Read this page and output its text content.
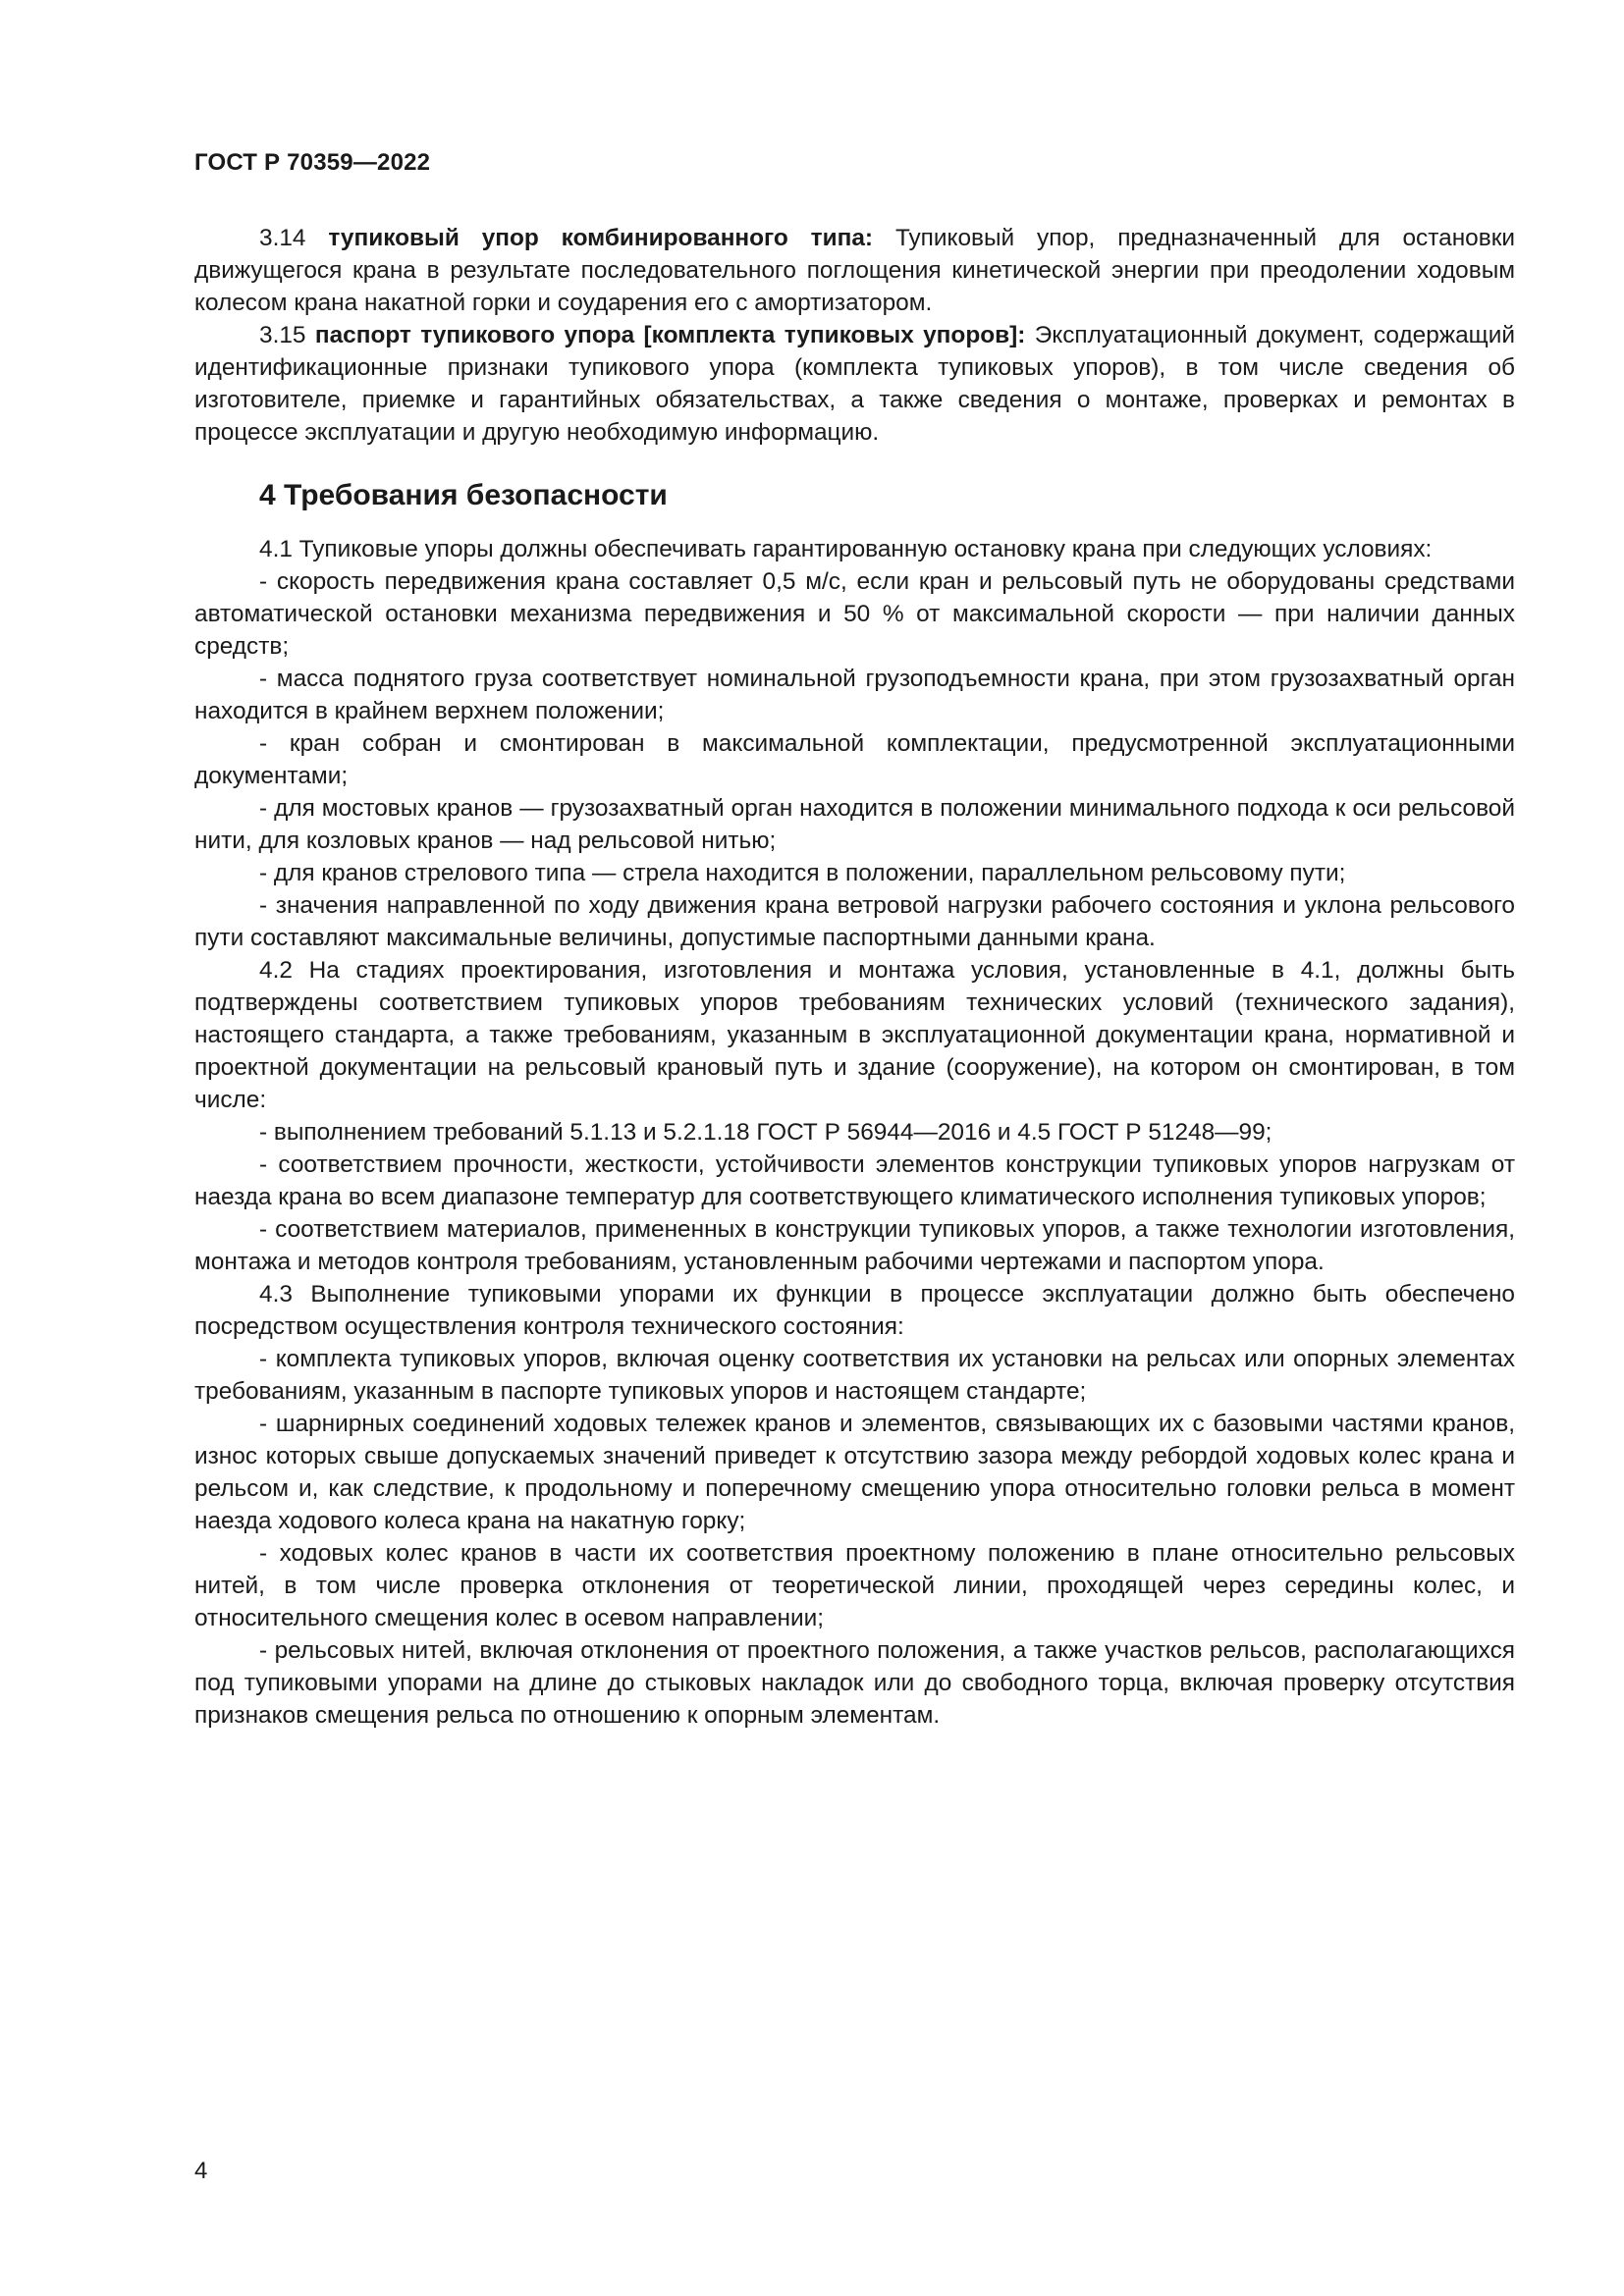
ГОСТ Р 70359—2022

3.14 тупиковый упор комбинированного типа: Тупиковый упор, предназначенный для остановки движущегося крана в результате последовательного поглощения кинетической энергии при преодолении ходовым колесом крана накатной горки и соударения его с амортизатором.

3.15 паспорт тупикового упора [комплекта тупиковых упоров]: Эксплуатационный документ, содержащий идентификационные признаки тупикового упора (комплекта тупиковых упоров), в том числе сведения об изготовителе, приемке и гарантийных обязательствах, а также сведения о монтаже, проверках и ремонтах в процессе эксплуатации и другую необходимую информацию.

4 Требования безопасности

4.1 Тупиковые упоры должны обеспечивать гарантированную остановку крана при следующих условиях:

- скорость передвижения крана составляет 0,5 м/с, если кран и рельсовый путь не оборудованы средствами автоматической остановки механизма передвижения и 50 % от максимальной скорости — при наличии данных средств;

- масса поднятого груза соответствует номинальной грузоподъемности крана, при этом грузозахватный орган находится в крайнем верхнем положении;

- кран собран и смонтирован в максимальной комплектации, предусмотренной эксплуатационными документами;

- для мостовых кранов — грузозахватный орган находится в положении минимального подхода к оси рельсовой нити, для козловых кранов — над рельсовой нитью;

- для кранов стрелового типа — стрела находится в положении, параллельном рельсовому пути;

- значения направленной по ходу движения крана ветровой нагрузки рабочего состояния и уклона рельсового пути составляют максимальные величины, допустимые паспортными данными крана.

4.2 На стадиях проектирования, изготовления и монтажа условия, установленные в 4.1, должны быть подтверждены соответствием тупиковых упоров требованиям технических условий (технического задания), настоящего стандарта, а также требованиям, указанным в эксплуатационной документации крана, нормативной и проектной документации на рельсовый крановый путь и здание (сооружение), на котором он смонтирован, в том числе:

- выполнением требований 5.1.13 и 5.2.1.18 ГОСТ Р 56944—2016 и 4.5 ГОСТ Р 51248—99;

- соответствием прочности, жесткости, устойчивости элементов конструкции тупиковых упоров нагрузкам от наезда крана во всем диапазоне температур для соответствующего климатического исполнения тупиковых упоров;

- соответствием материалов, примененных в конструкции тупиковых упоров, а также технологии изготовления, монтажа и методов контроля требованиям, установленным рабочими чертежами и паспортом упора.

4.3 Выполнение тупиковыми упорами их функции в процессе эксплуатации должно быть обеспечено посредством осуществления контроля технического состояния:

- комплекта тупиковых упоров, включая оценку соответствия их установки на рельсах или опорных элементах требованиям, указанным в паспорте тупиковых упоров и настоящем стандарте;

- шарнирных соединений ходовых тележек кранов и элементов, связывающих их с базовыми частями кранов, износ которых свыше допускаемых значений приведет к отсутствию зазора между ребордой ходовых колес крана и рельсом и, как следствие, к продольному и поперечному смещению упора относительно головки рельса в момент наезда ходового колеса крана на накатную горку;

- ходовых колес кранов в части их соответствия проектному положению в плане относительно рельсовых нитей, в том числе проверка отклонения от теоретической линии, проходящей через середины колес, и относительного смещения колес в осевом направлении;

- рельсовых нитей, включая отклонения от проектного положения, а также участков рельсов, располагающихся под тупиковыми упорами на длине до стыковых накладок или до свободного торца, включая проверку отсутствия признаков смещения рельса по отношению к опорным элементам.

4
